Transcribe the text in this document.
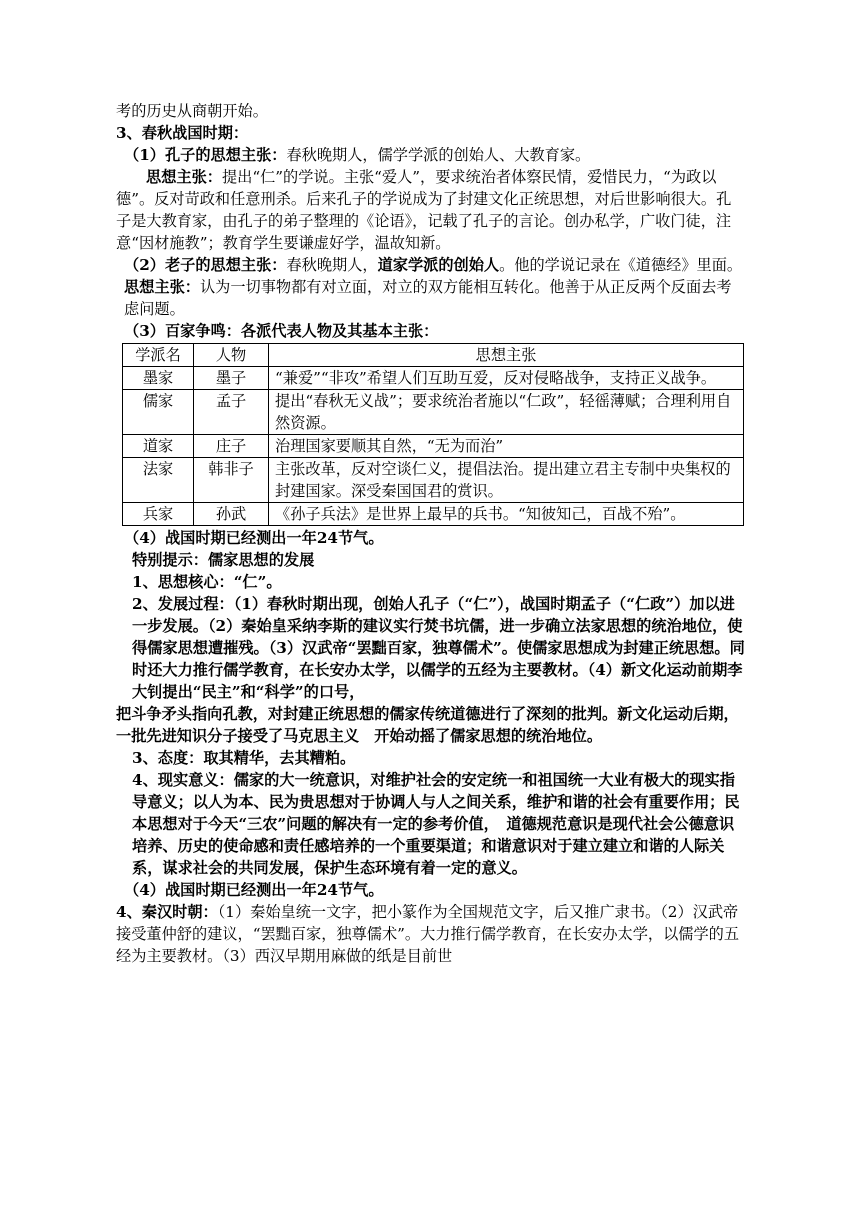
考的历史从商朝开始。

3、春秋战国时期：

（1）孔子的思想主张：春秋晚期人，儒学学派的创始人、大教育家。

思想主张：提出“仁”的学说。主张“爱人”，要求统治者体察民情，爱惜民力，“为政以德”。反对苛政和任意刑杀。后来孔子的学说成为了封建文化正统思想，对后世影响很大。孔子是大教育家，由孔子的弟子整理的《论语》，记载了孔子的言论。创办私学，广收门徒，注意“因材施教”；教育学生要谦虚好学，温故知新。

（2）老子的思想主张：春秋晚期人，道家学派的创始人。他的学说记录在《道德经》里面。思想主张：认为一切事物都有对立面，对立的双方能相互转化。他善于从正反两个反面去考虑问题。

（3）百家争鸣：各派代表人物及其基本主张：

学派名	人物	思想主张
墨家	墨子	“兼爱”“非攻”希望人们互助互爱，反对侵略战争，支持正义战争。
儒家	孟子	提出“春秋无义战”；要求统治者施以“仁政”，轻徭薄赋；合理利用自然资源。
道家	庄子	治理国家要顺其自然，“无为而治”
法家	韩非子	主张改革，反对空谈仁义，提倡法治。提出建立君主专制中央集权的封建国家。深受秦国国君的赏识。
兵家	孙武	《孙子兵法》是世界上最早的兵书。“知彼知己，百战不殆”。

（4）战国时期已经测出一年24节气。

特别提示：儒家思想的发展

1、思想核心：“仁”。

2、发展过程：（1）春秋时期出现，创始人孔子（“仁”），战国时期孟子（“仁政”）加以进一步发展。（2）秦始皇采纳李斯的建议实行焚书坑儒，进一步确立法家思想的统治地位，使得儒家思想遭摧残。（3）汉武帝“罢黜百家，独尊儒术”。使儒家思想成为封建正统思想。同时还大力推行儒学教育，在长安办太学，以儒学的五经为主要教材。（4）新文化运动前期李大钊提出“民主”和“科学”的口号，

把斗争矛头指向孔教，对封建正统思想的儒家传统道德进行了深刻的批判。新文化运动后期，一批先进知识分子接受了马克思主义　开始动摇了儒家思想的统治地位。

3、态度：取其精华，去其糟粕。

4、现实意义：儒家的大一统意识，对维护社会的安定统一和祖国统一大业有极大的现实指导意义；以人为本、民为贵思想对于协调人与人之间关系，维护和谐的社会有重要作用；民本思想对于今天“三农”问题的解决有一定的参考价值，　道德规范意识是现代社会公德意识培养、历史的使命感和责任感培养的一个重要渠道；和谐意识对于建立建立和谐的人际关系，谋求社会的共同发展，保护生态环境有着一定的意义。

（4）战国时期已经测出一年24节气。

4、秦汉时朝：（1）秦始皇统一文字，把小篆作为全国规范文字，后又推广隶书。（2）汉武帝接受董仲舒的建议，“罢黜百家，独尊儒术”。大力推行儒学教育，在长安办太学，以儒学的五经为主要教材。（3）西汉早期用麻做的纸是目前世
